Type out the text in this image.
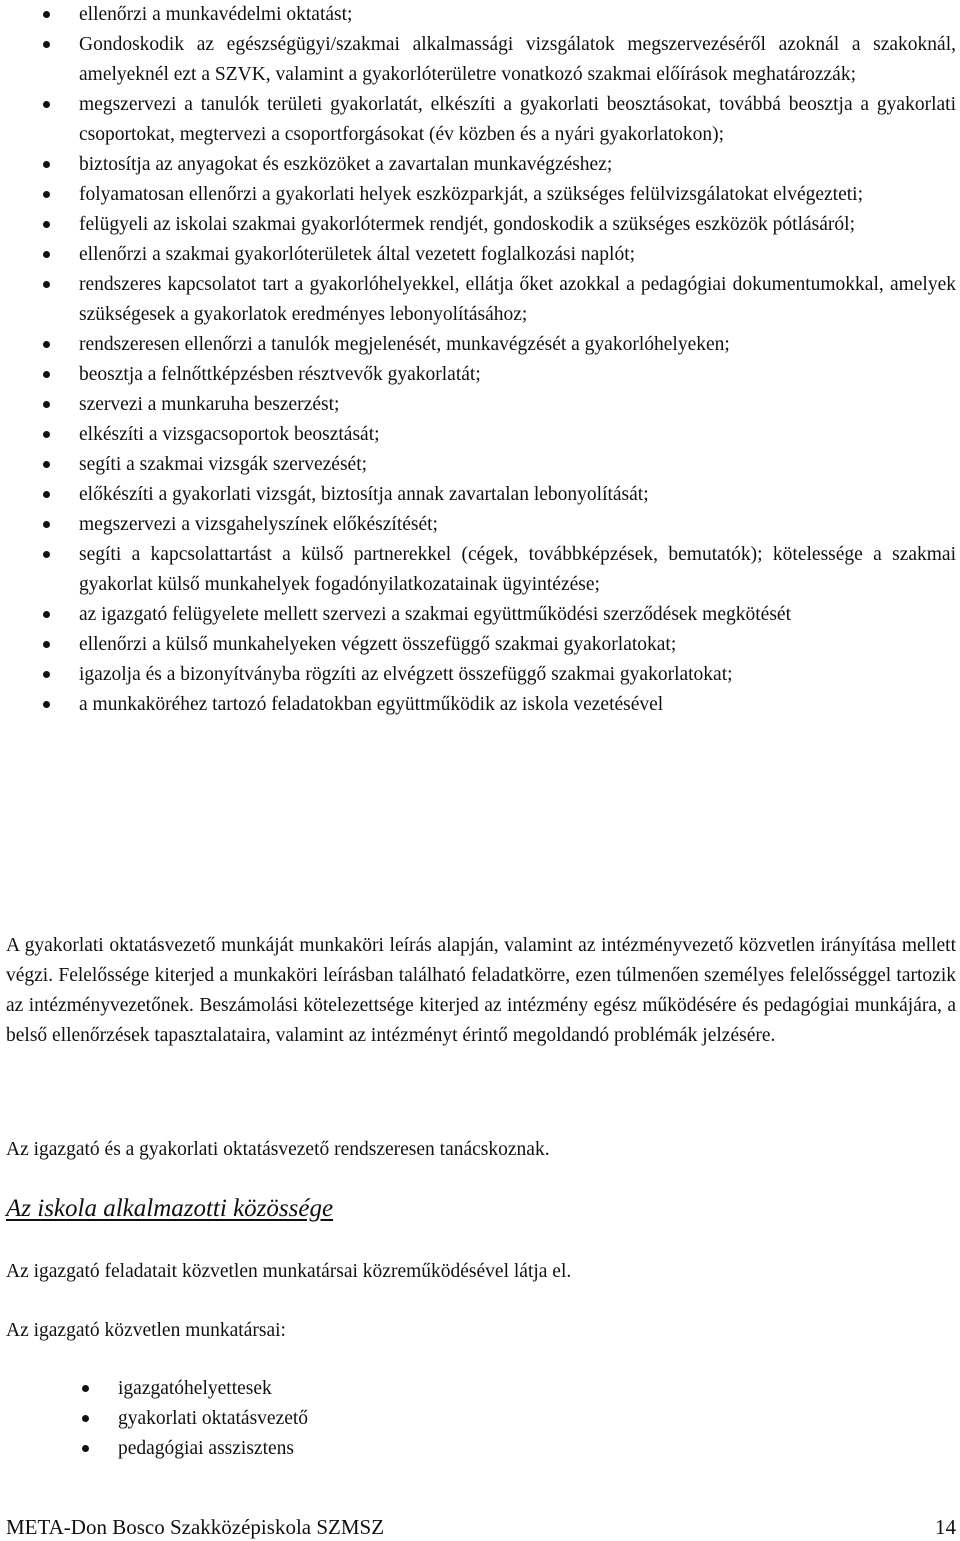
ellenőrzi a munkavédelmi oktatást;
Gondoskodik az egészségügyi/szakmai alkalmassági vizsgálatok megszervezéséről azoknál a szakoknál, amelyeknél ezt a SZVK, valamint a gyakorlóterületre vonatkozó szakmai előírások meghatározzák;
megszervezi a tanulók területi gyakorlatát, elkészíti a gyakorlati beosztásokat, továbbá beosztja a gyakorlati csoportokat, megtervezi a csoportforgásokat (év közben és a nyári gyakorlatokon);
biztosítja az anyagokat és eszközöket a zavartalan munkavégzéshez;
folyamatosan ellenőrzi a gyakorlati helyek eszközparkját, a szükséges felülvizsgálatokat elvégezteti;
felügyeli az iskolai szakmai gyakorlótermek rendjét, gondoskodik a szükséges eszközök pótlásáról;
ellenőrzi a szakmai gyakorlóterületek által vezetett foglalkozási naplót;
rendszeres kapcsolatot tart a gyakorlóhelyekkel, ellátja őket azokkal a pedagógiai dokumentumokkal, amelyek szükségesek a gyakorlatok eredményes lebonyolításához;
rendszeresen ellenőrzi a tanulók megjelenését, munkavégzését a gyakorlóhelyeken;
beosztja a felnőttképzésben résztvevők gyakorlatát;
szervezi a munkaruha beszerzést;
elkészíti a vizsgacsoportok beosztását;
segíti a szakmai vizsgák szervezését;
előkészíti a gyakorlati vizsgát, biztosítja annak zavartalan lebonyolítását;
megszervezi a vizsgahelyszínek előkészítését;
segíti a kapcsolattartást a külső partnerekkel (cégek, továbbképzések, bemutatók); kötelessége a szakmai gyakorlat külső munkahelyek fogadónyilatkozatainak ügyintézése;
az igazgató felügyelete mellett szervezi a szakmai együttműködési szerződések megkötését
ellenőrzi a külső munkahelyeken végzett összefüggő szakmai gyakorlatokat;
igazolja és a bizonyítványba rögzíti az elvégzett összefüggő szakmai gyakorlatokat;
a munkaköréhez tartozó feladatokban együttműködik az iskola vezetésével

A gyakorlati oktatásvezető munkáját munkaköri leírás alapján, valamint az intézményvezető közvetlen irányítása mellett végzi. Felelőssége kiterjed a munkaköri leírásban található feladatkörre, ezen túlmenően személyes felelősséggel tartozik az intézményvezetőnek. Beszámolási kötelezettsége kiterjed az intézmény egész működésére és pedagógiai munkájára, a belső ellenőrzések tapasztalataira, valamint az intézményt érintő megoldandó problémák jelzésére.

Az igazgató és a gyakorlati oktatásvezető rendszeresen tanácskoznak.

Az iskola alkalmazotti közössége

Az igazgató feladatait közvetlen munkatársai közreműködésével látja el.

Az igazgató közvetlen munkatársai:

igazgatóhelyettesek
gyakorlati oktatásvezető
pedagógiai asszisztens
META-Don Bosco Szakközépiskola SZMSZ	14
